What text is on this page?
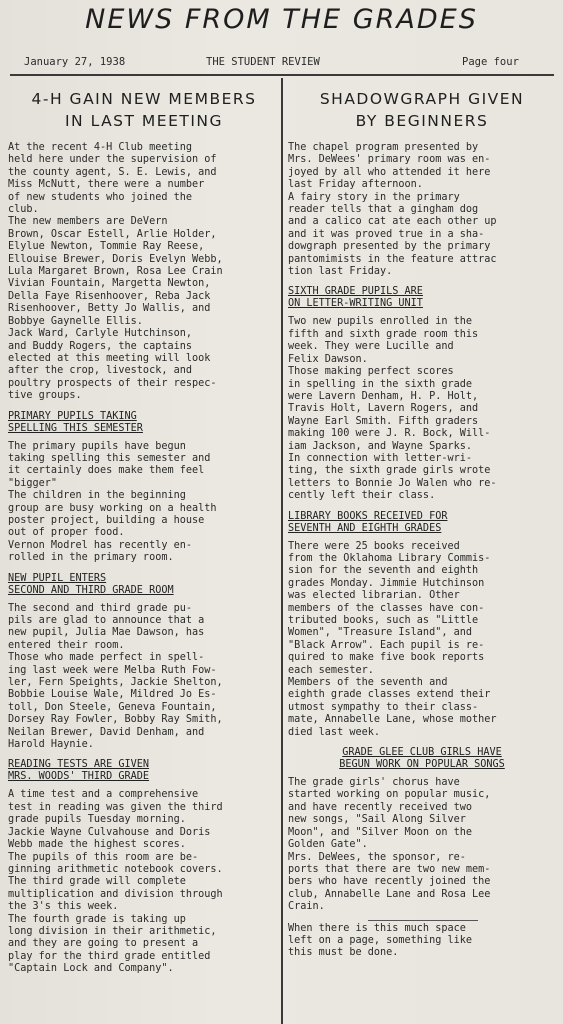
NEWS FROM THE GRADES
January 27, 1938	THE STUDENT REVIEW	Page four
4-H GAIN NEW MEMBERS
IN LAST MEETING

At the recent 4-H Club meeting
held here under the supervision of
the county agent, S. E. Lewis, and
Miss McNutt, there were a number
of new students who joined the
club.

The new members are DeVern
Brown, Oscar Estell, Arlie Holder,
Elylue Newton, Tommie Ray Reese,
Ellouise Brewer, Doris Evelyn Webb,
Lula Margaret Brown, Rosa Lee Crain
Vivian Fountain, Margetta Newton,
Della Faye Risenhoover, Reba Jack
Risenhoover, Betty Jo Wallis, and
Bobbye Gaynelle Ellis.

Jack Ward, Carlyle Hutchinson,
and Buddy Rogers, the captains
elected at this meeting will look
after the crop, livestock, and
poultry prospects of their respec-
tive groups.

PRIMARY PUPILS TAKING
SPELLING THIS SEMESTER

The primary pupils have begun
taking spelling this semester and
it certainly does make them feel
"bigger"

The children in the beginning
group are busy working on a health
poster project, building a house
out of proper food.

Vernon Modrel has recently en-
rolled in the primary room.

NEW PUPIL ENTERS
SECOND AND THIRD GRADE ROOM

The second and third grade pu-
pils are glad to announce that a
new pupil, Julia Mae Dawson, has
entered their room.

Those who made perfect in spell-
ing last week were Melba Ruth Fow-
ler, Fern Speights, Jackie Shelton,
Bobbie Louise Wale, Mildred Jo Es-
toll, Don Steele, Geneva Fountain,
Dorsey Ray Fowler, Bobby Ray Smith,
Neilan Brewer, David Denham, and
Harold Haynie.

READING TESTS ARE GIVEN
MRS. WOODS' THIRD GRADE

A time test and a comprehensive
test in reading was given the third
grade pupils Tuesday morning.
Jackie Wayne Culvahouse and Doris
Webb made the highest scores.

The pupils of this room are be-
ginning arithmetic notebook covers.

The third grade will complete
multiplication and division through
the 3's this week.

The fourth grade is taking up
long division in their arithmetic,
and they are going to present a
play for the third grade entitled
"Captain Lock and Company".

SHADOWGRAPH GIVEN
BY BEGINNERS

The chapel program presented by
Mrs. DeWees' primary room was en-
joyed by all who attended it here
last Friday afternoon.

A fairy story in the primary
reader tells that a gingham dog
and a calico cat ate each other up
and it was proved true in a sha-
dowgraph presented by the primary
pantomimists in the feature attrac
tion last Friday.

SIXTH GRADE PUPILS ARE
ON LETTER-WRITING UNIT

Two new pupils enrolled in the
fifth and sixth grade room this
week. They were Lucille and
Felix Dawson.

Those making perfect scores
in spelling in the sixth grade
were Lavern Denham, H. P. Holt,
Travis Holt, Lavern Rogers, and
Wayne Earl Smith. Fifth graders
making 100 were J. R. Bock, Will-
iam Jackson, and Wayne Sparks.

In connection with letter-wri-
ting, the sixth grade girls wrote
letters to Bonnie Jo Walen who re-
cently left their class.

LIBRARY BOOKS RECEIVED FOR
SEVENTH AND EIGHTH GRADES

There were 25 books received
from the Oklahoma Library Commis-
sion for the seventh and eighth
grades Monday. Jimmie Hutchinson
was elected librarian. Other
members of the classes have con-
tributed books, such as "Little
Women", "Treasure Island", and
"Black Arrow". Each pupil is re-
quired to make five book reports
each semester.

Members of the seventh and
eighth grade classes extend their
utmost sympathy to their class-
mate, Annabelle Lane, whose mother
died last week.

GRADE GLEE CLUB GIRLS HAVE
BEGUN WORK ON POPULAR SONGS

The grade girls' chorus have
started working on popular music,
and have recently received two
new songs, "Sail Along Silver
Moon", and "Silver Moon on the
Golden Gate".

Mrs. DeWees, the sponsor, re-
ports that there are two new mem-
bers who have recently joined the
club, Annabelle Lane and Rosa Lee
Crain.

When there is this much space
left on a page, something like
this must be done.
